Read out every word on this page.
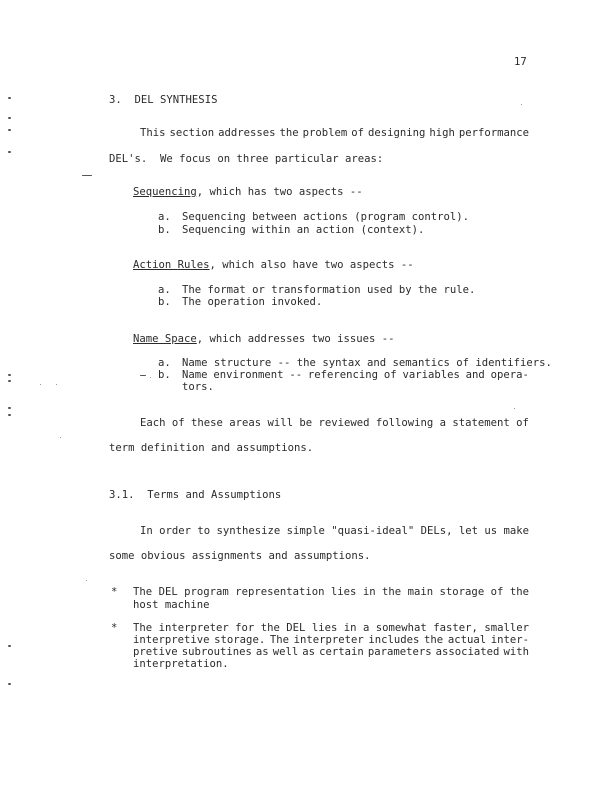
17
3. DEL SYNTHESIS
This section addresses the problem of designing high performance
DEL's.  We focus on three particular areas:
Sequencing, which has two aspects --
a. Sequencing between actions (program control).
b. Sequencing within an action (context).
Action Rules, which also have two aspects --
a. The format or transformation used by the rule.
b. The operation invoked.
Name Space, which addresses two issues --
a. Name structure -- the syntax and semantics of identifiers.
b. Name environment -- referencing of variables and opera-
tors.
Each of these areas will be reviewed following a statement of
term definition and assumptions.
3.1. Terms and Assumptions
In order to synthesize simple "quasi-ideal" DELs, let us make
some obvious assignments and assumptions.
* The DEL program representation lies in the main storage of the
host machine
* The interpreter for the DEL lies in a somewhat faster, smaller
interpretive storage. The interpreter includes the actual inter-
pretive subroutines as well as certain parameters associated with
interpretation.
